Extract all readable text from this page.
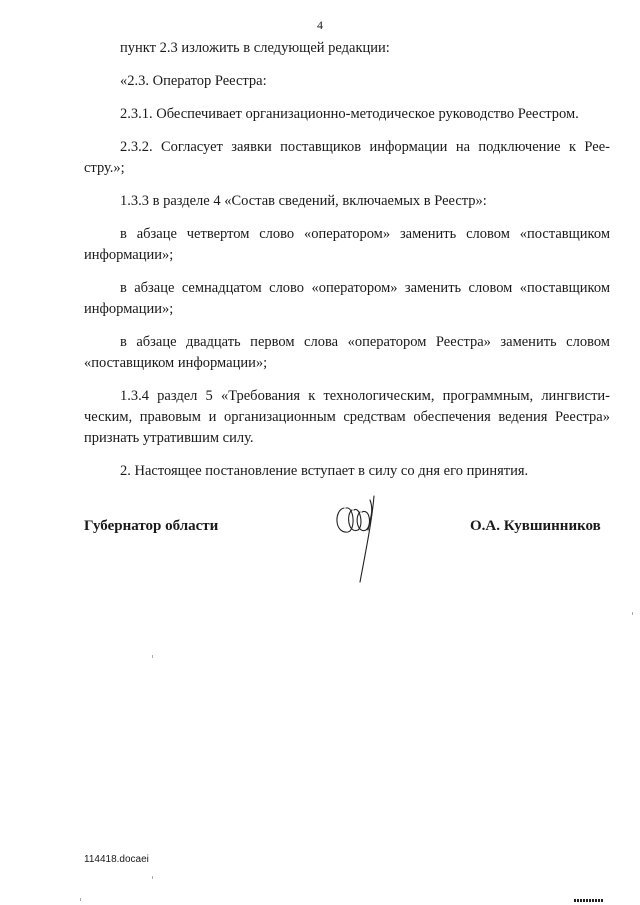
4

пункт 2.3 изложить в следующей редакции:

«2.3. Оператор Реестра:

2.3.1. Обеспечивает организационно-методическое руководство Реестром.

2.3.2. Согласует заявки поставщиков информации на подключение к Рее-

стру.»;

1.3.3 в разделе 4 «Состав сведений, включаемых в Реестр»:

в абзаце четвертом слово «оператором» заменить словом «поставщиком

информации»;

в абзаце семнадцатом слово «оператором» заменить словом «поставщиком

информации»;

в абзаце двадцать первом слова «оператором Реестра» заменить словом

«поставщиком информации»;

1.3.4 раздел 5 «Требования к технологическим, программным, лингвисти-

ческим, правовым и организационным средствам обеспечения ведения Реестра»

признать утратившим силу.

2. Настоящее постановление вступает в силу со дня его принятия.

Губернатор области	О.А. Кувшинников
114418.docaei
